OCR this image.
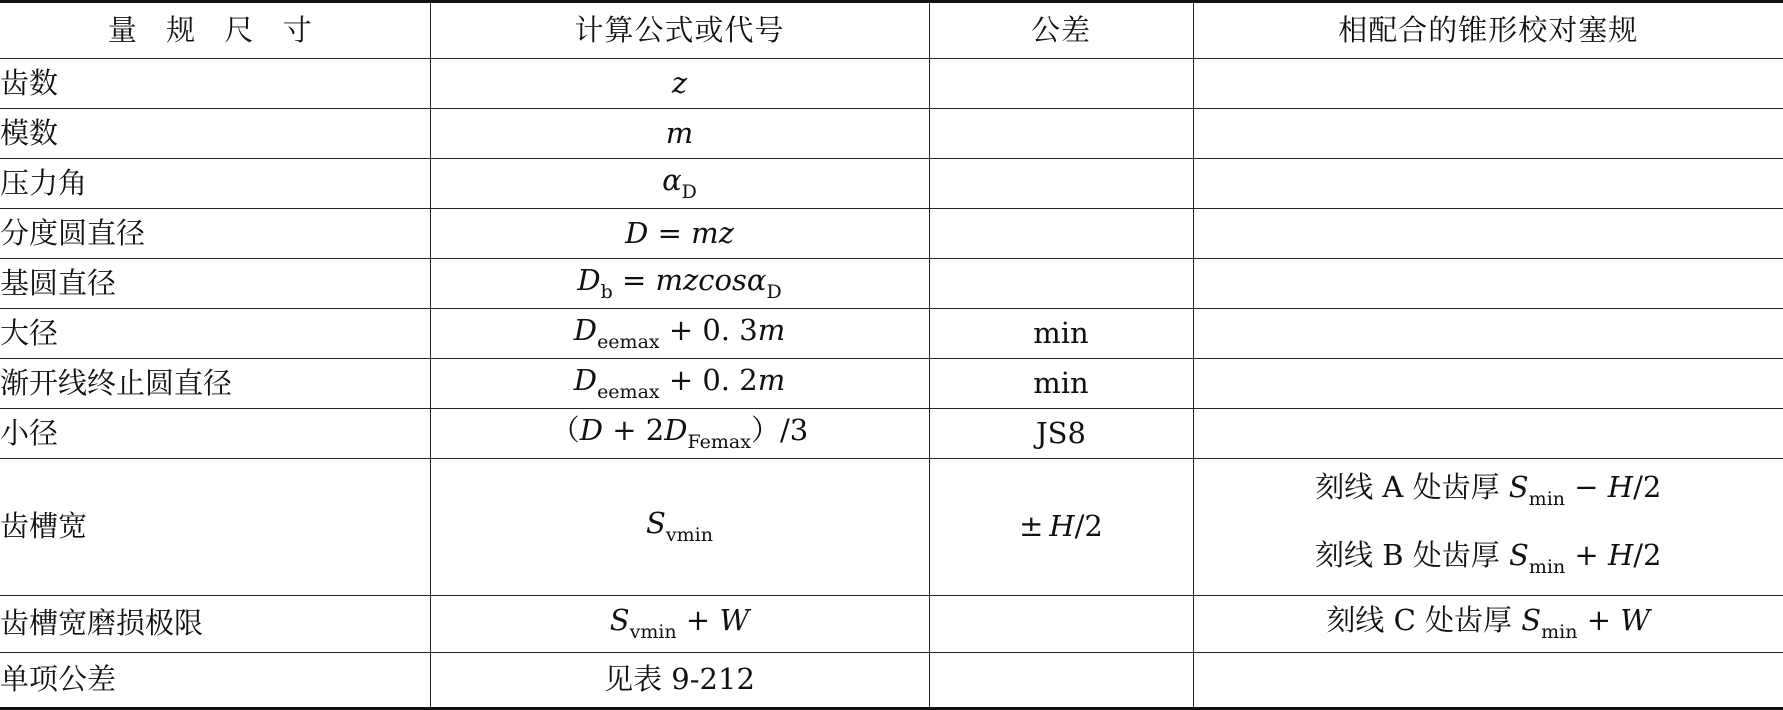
量 规 尺 寸	计算公式或代号	公差	相配合的锥形校对塞规
齿数	z		
模数	m		
压力角	$\alpha_D$		
分度圆直径	D = mz		
基圆直径	$D_b = mzcos\alpha_D$		
大径	$D_{eemax} + 0$. 3m	min	
渐开线终止圆直径	$D_{eemax} + 0$. 2m	min	
小径	$(D + 2D_{Femax})/3$	JS8	
齿槽宽	$S_{vmin}$	±  H/2	刻线 A 处齿厚 $S_{min} - H/2$
刻线 B 处齿厚 $S_{min} + H/2$

齿槽宽磨损极限	$S_{vmin} + W$		刻线 C 处齿厚 $S_{min} + W$
单项公差	见表 9-212		
